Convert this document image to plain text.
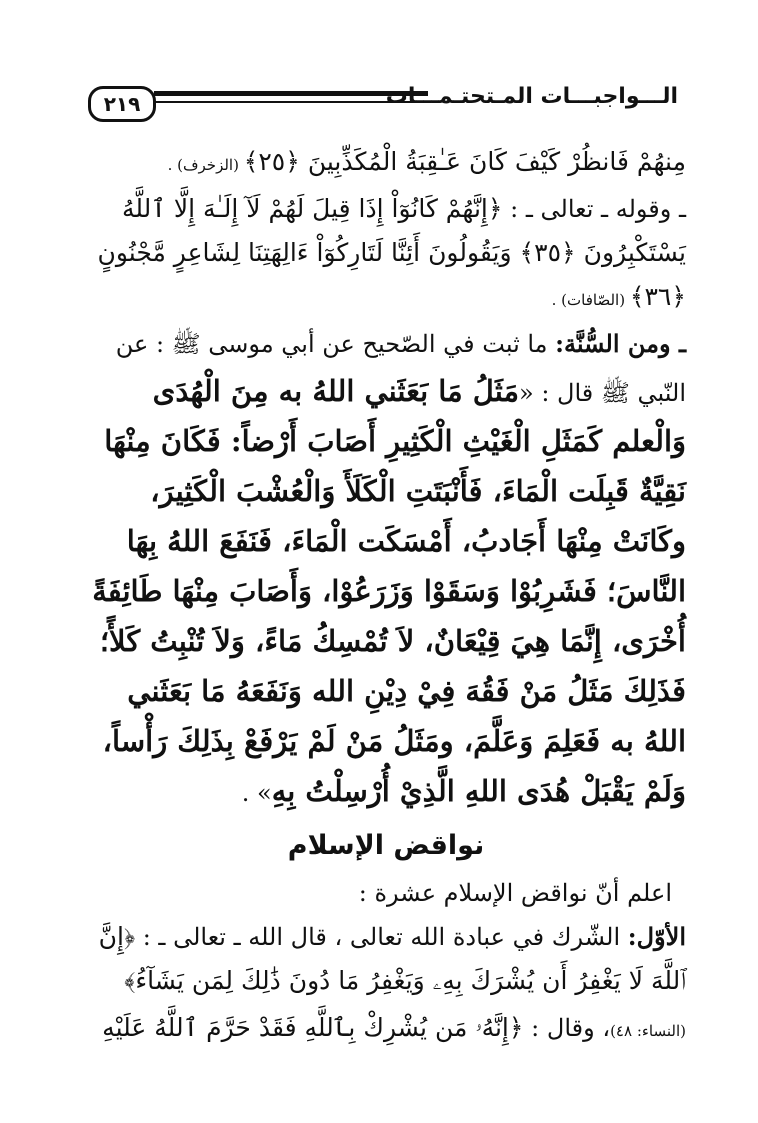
٢١٩	الـــواجبـــات المـتحتـمـــات

مِنهُمْ فَانظُرْ كَيْفَ كَانَ عَـٰقِبَةُ الْمُكَذِّبِينَ ﴿٢٥﴾ (الزخرف) .

ـ وقوله ـ تعالى ـ : ﴿إِنَّهُمْ كَانُوٓاْ إِذَا قِيلَ لَهُمْ لَآ إِلَـٰهَ إِلَّا ٱللَّهُ يَسْتَكْبِرُونَ ﴿٣٥﴾ وَيَقُولُونَ أَئِنَّا لَتَارِكُوٓاْ ءَالِهَتِنَا لِشَاعِرٍ مَّجْنُونٍ ﴿٣٦﴾ (الصّافات) .

ـ ومن السُّنَّة: ما ثبت في الصّحيح عن أبي موسى ﷺ : عن النّبي ﷺ قال : «مَثَلُ مَا بَعَثَني اللهُ به مِنَ الْهُدَى وَالْعلم كَمَثَلِ الْغَيْثِ الْكَثِيرِ أَصَابَ أَرْضاً: فَكَانَ مِنْهَا نَقِيَّةٌ قَبِلَت الْمَاءَ، فَأَنْبَتَتِ الْكَلَأَ وَالْعُشْبَ الْكَثِيرَ، وكَانَتْ مِنْهَا أَجَادبُ، أَمْسَكَت الْمَاءَ، فَنَفَعَ اللهُ بِهَا النَّاسَ؛ فَشَرِبُوْا وَسَقَوْا وَزَرَعُوْا، وَأَصَابَ مِنْهَا طَائِفَةً أُخْرَى، إِنَّمَا هِيَ قِيْعَانٌ، لاَ تُمْسِكُ مَاءً، وَلاَ تُنْبِتُ كَلأً؛ فَذَلِكَ مَثَلُ مَنْ فَقُهَ فِيْ دِيْنِ الله وَنَفَعَهُ مَا بَعَثَني اللهُ به فَعَلِمَ وَعَلَّمَ، ومَثَلُ مَنْ لَمْ يَرْفَعْ بِذَلِكَ رَأْساً، وَلَمْ يَقْبَلْ هُدَى اللهِ الَّذِيْ أُرْسِلْتُ بِهِ» .

نواقض الإسلام

اعلم أنّ نواقض الإسلام عشرة :

الأوّل: الشّرك في عبادة الله تعالى ، قال الله ـ تعالى ـ : ﴿إِنَّ ٱللَّهَ لَا يَغْفِرُ أَن يُشْرَكَ بِهِۦ وَيَغْفِرُ مَا دُونَ ذَٰلِكَ لِمَن يَشَآءُ﴾ (النساء: ٤٨)، وقال : ﴿إِنَّهُۥ مَن يُشْرِكْ بِٱللَّهِ فَقَدْ حَرَّمَ ٱللَّهُ عَلَيْهِ
